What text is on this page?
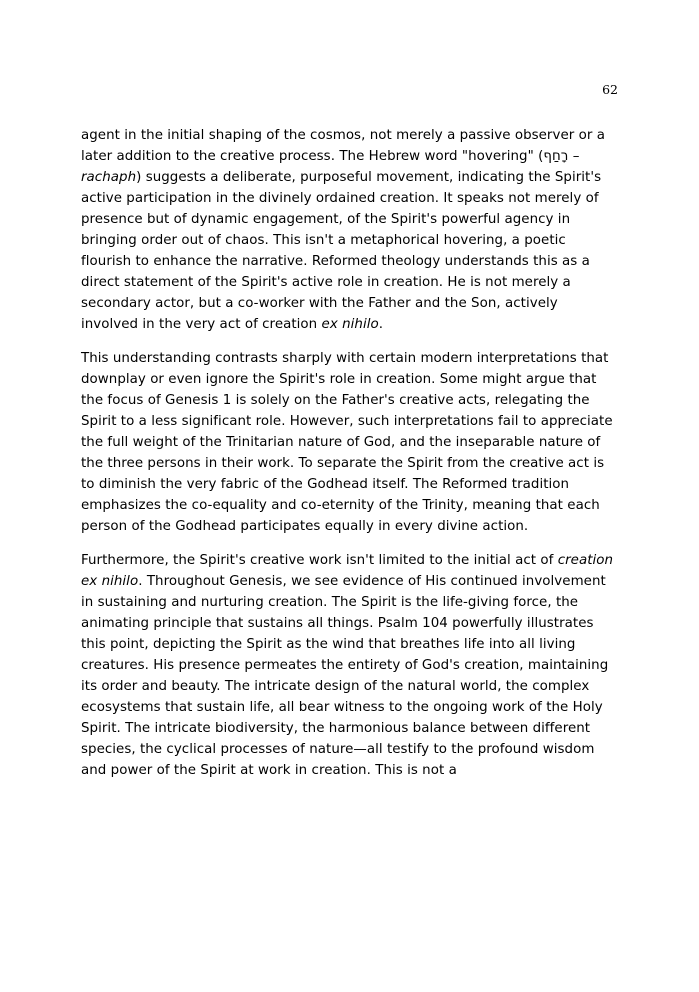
62

agent in the initial shaping of the cosmos, not merely a passive observer or a later addition to the creative process. The Hebrew word "hovering" (רָחַף – rachaph) suggests a deliberate, purposeful movement, indicating the Spirit's active participation in the divinely ordained creation. It speaks not merely of presence but of dynamic engagement, of the Spirit's powerful agency in bringing order out of chaos. This isn't a metaphorical hovering, a poetic flourish to enhance the narrative. Reformed theology understands this as a direct statement of the Spirit's active role in creation. He is not merely a secondary actor, but a co-worker with the Father and the Son, actively involved in the very act of creation ex nihilo.

This understanding contrasts sharply with certain modern interpretations that downplay or even ignore the Spirit's role in creation. Some might argue that the focus of Genesis 1 is solely on the Father's creative acts, relegating the Spirit to a less significant role. However, such interpretations fail to appreciate the full weight of the Trinitarian nature of God, and the inseparable nature of the three persons in their work. To separate the Spirit from the creative act is to diminish the very fabric of the Godhead itself. The Reformed tradition emphasizes the co-equality and co-eternity of the Trinity, meaning that each person of the Godhead participates equally in every divine action.

Furthermore, the Spirit's creative work isn't limited to the initial act of creation ex nihilo. Throughout Genesis, we see evidence of His continued involvement in sustaining and nurturing creation. The Spirit is the life-giving force, the animating principle that sustains all things. Psalm 104 powerfully illustrates this point, depicting the Spirit as the wind that breathes life into all living creatures. His presence permeates the entirety of God's creation, maintaining its order and beauty. The intricate design of the natural world, the complex ecosystems that sustain life, all bear witness to the ongoing work of the Holy Spirit. The intricate biodiversity, the harmonious balance between different species, the cyclical processes of nature—all testify to the profound wisdom and power of the Spirit at work in creation. This is not a
